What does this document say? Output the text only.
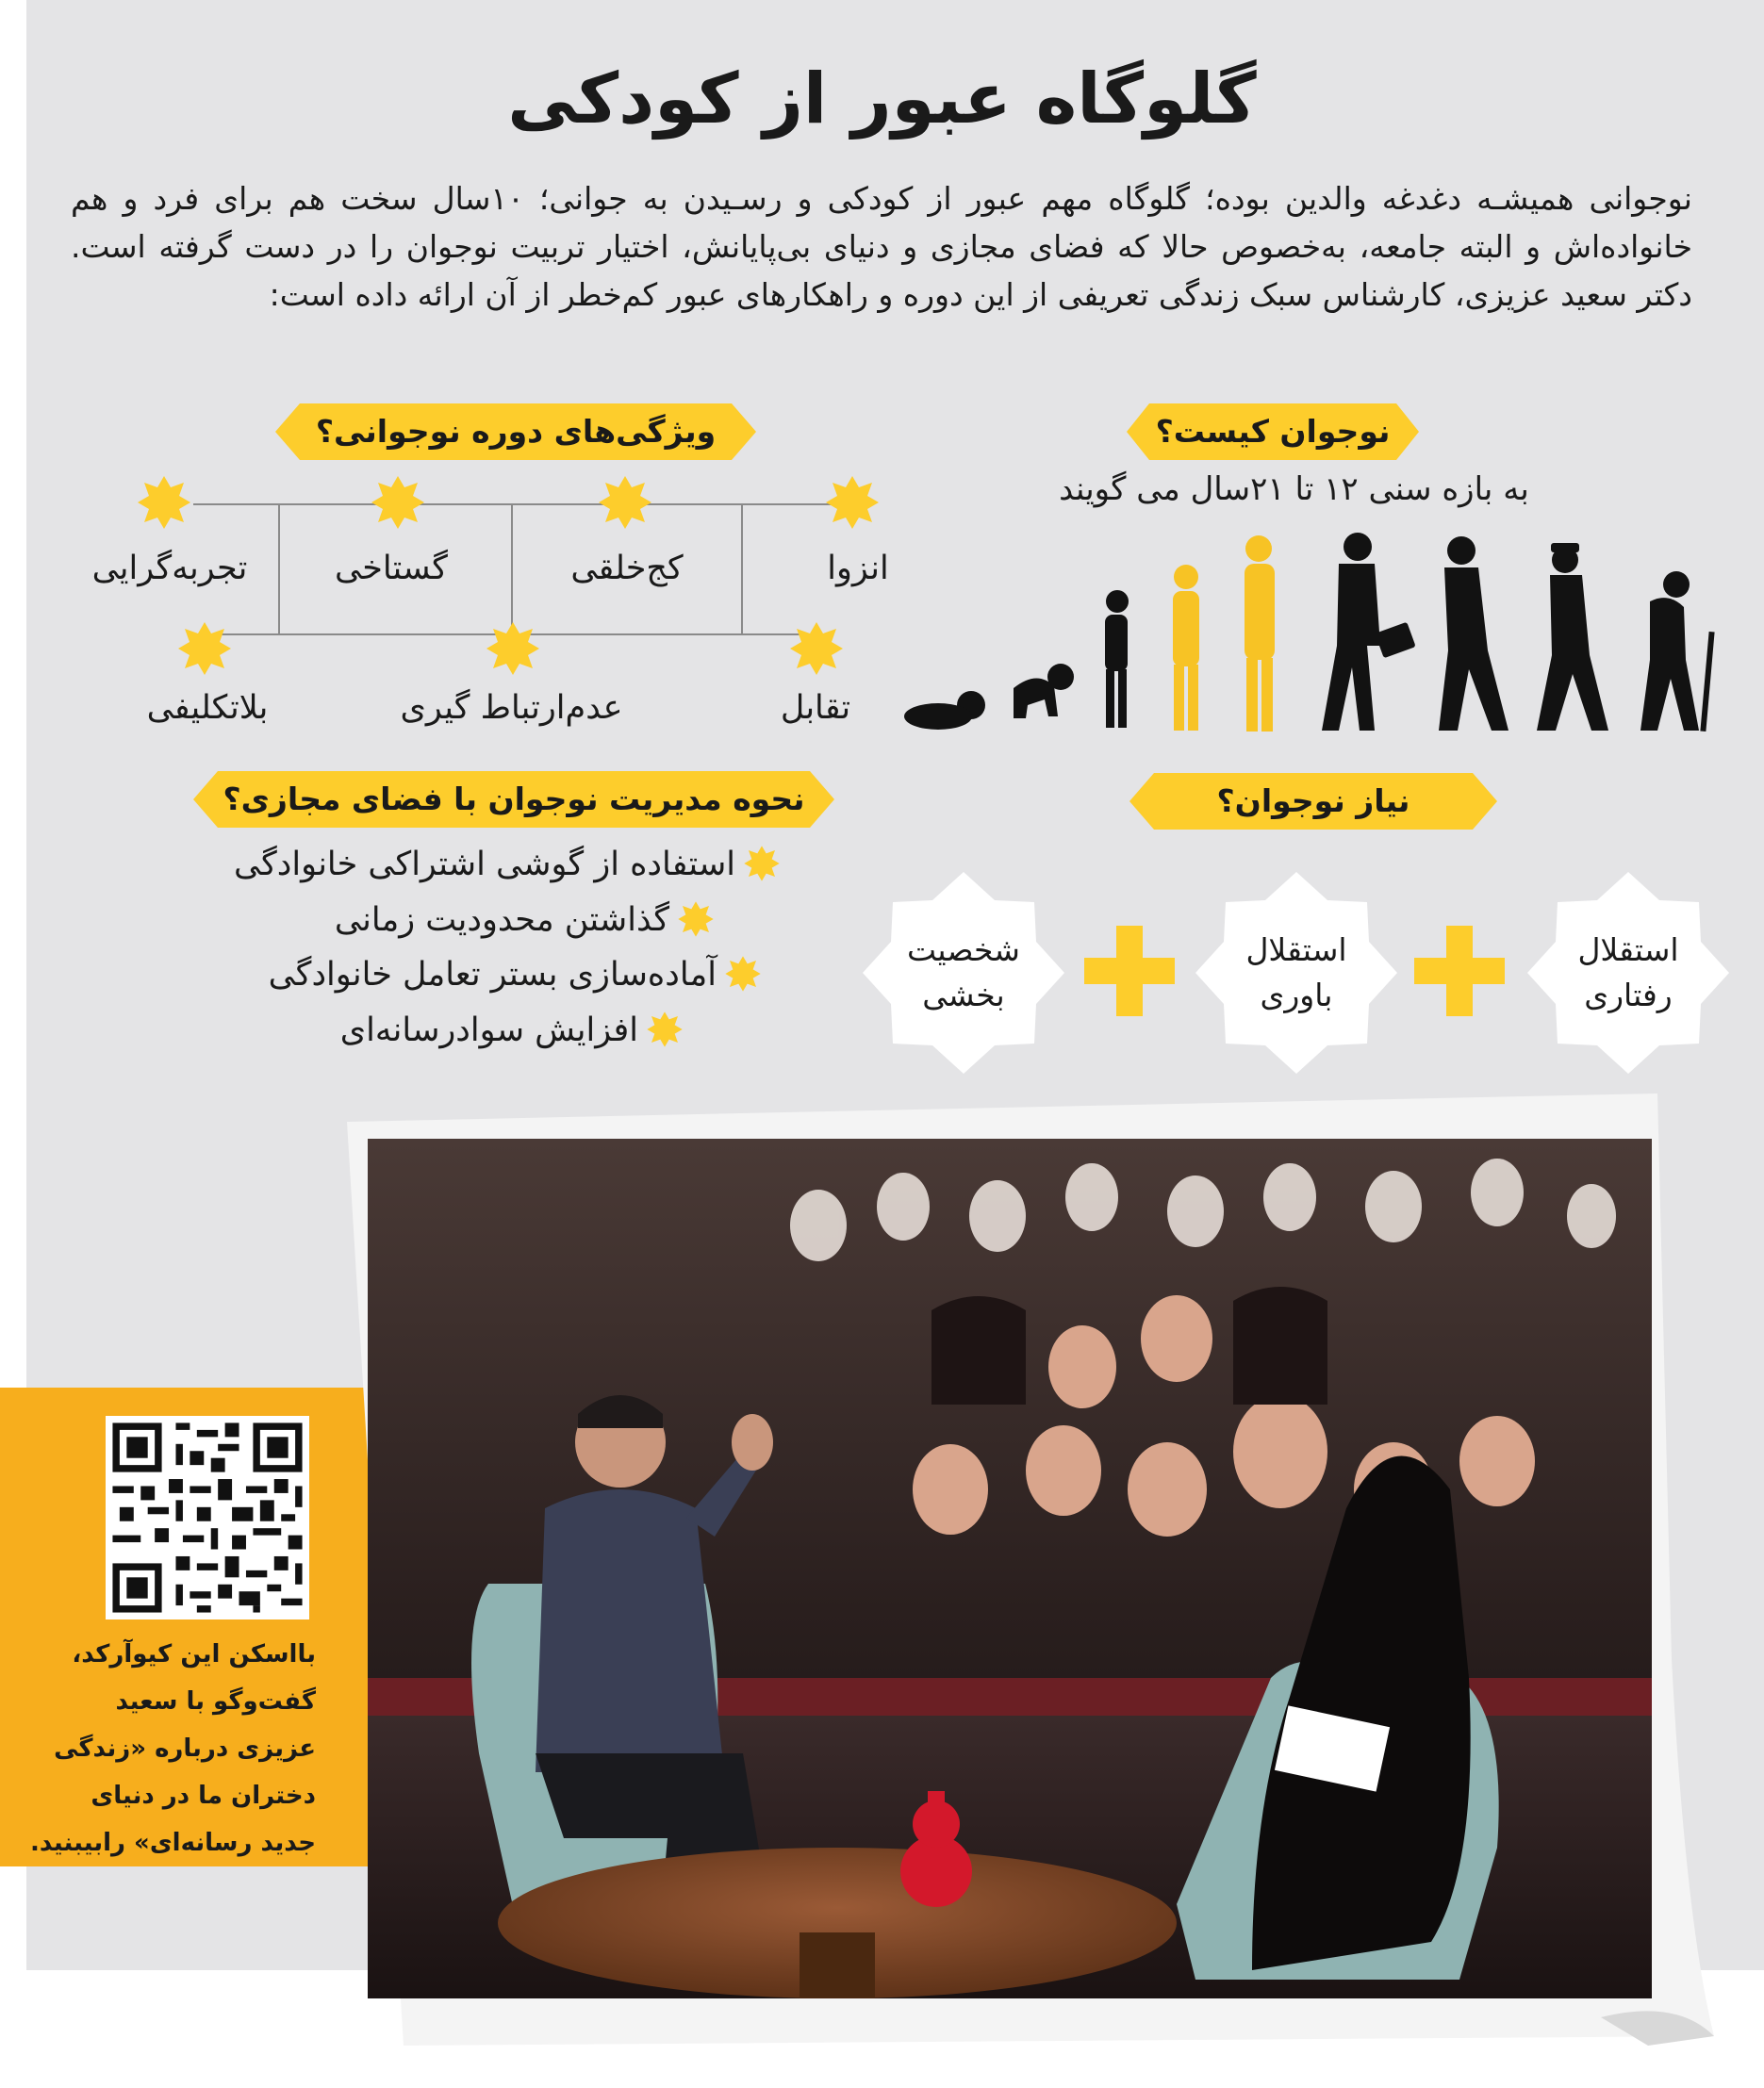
گلوگاه عبور از کودکی
نوجوانی همیشـه دغدغه والدین بوده؛ گلوگاه مهم عبور از کودکی و رسـیدن به جوانی؛ ۱۰سال سخت هم برای فرد و هم خانواده‌اش و البته جامعه، به‌خصوص حالا که فضای مجازی و دنیای بی‌پایانش، اختیار تربیت نوجوان را در دست گرفته است. دکتر سعید عزیزی، کارشناس سبک زندگی تعریفی از این دوره و راهکارهای عبور کم‌خطر از آن ارائه داده است:
نوجوان کیست؟
به بازه سنی ۱۲ تا ۲۱سال می گویند
ویژگی‌های دوره نوجوانی؟
انزوا
کج‌خلقی
گستاخی
تجربه‌گرایی
تقابل
عدم‌ارتباط گیری
بلاتکلیفی
نیاز نوجوان؟
استقلال
رفتاری
استقلال
باوری
شخصیت
بخشی
نحوه مدیریت نوجوان با فضای مجازی؟
استفاده از گوشی اشتراکی خانوادگی
گذاشتن محدودیت زمانی
آماده‌سازی بستر تعامل خانوادگی
افزایش سوادرسانه‌ای
بااسکن این کیوآرکد، گفت‌وگو با سعید عزیزی درباره «زندگی دختران ما در دنیای جدید رسانه‌ای» رابیبنید.
